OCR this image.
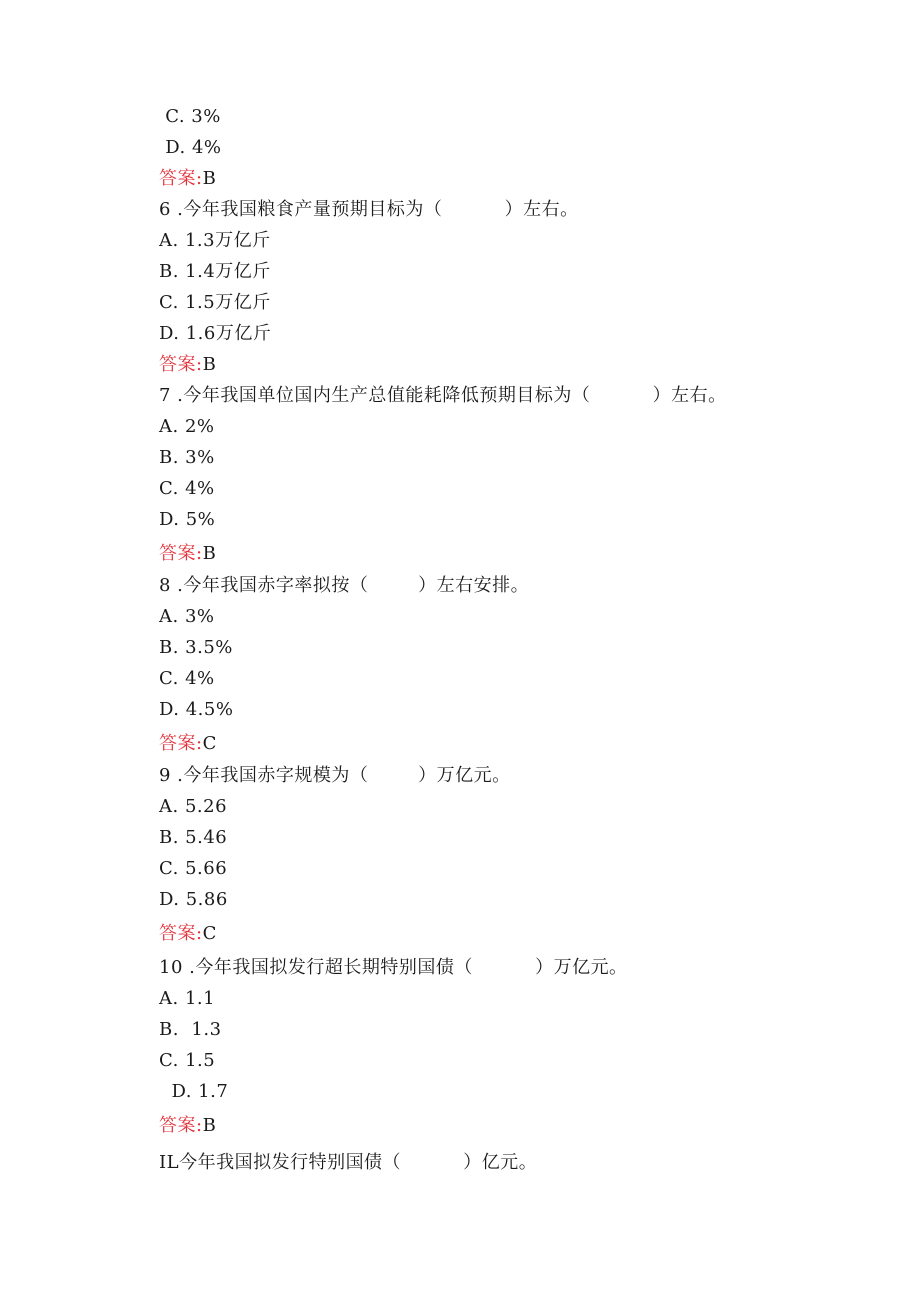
C. 3%
D. 4%
答案:B
6 .今年我国粮食产量预期目标为（          ）左右。
A. 1.3万亿斤
B. 1.4万亿斤
C. 1.5万亿斤
D. 1.6万亿斤
答案:B
7 .今年我国单位国内生产总值能耗降低预期目标为（          ）左右。
A. 2%
B. 3%
C. 4%
D. 5%
答案:B
8 .今年我国赤字率拟按（        ）左右安排。
A. 3%
B. 3.5%
C. 4%
D. 4.5%
答案:C
9 .今年我国赤字规模为（        ）万亿元。
A. 5.26
B. 5.46
C. 5.66
D. 5.86
答案:C
10 .今年我国拟发行超长期特别国债（          ）万亿元。
A. 1.1
B.  1.3
C. 1.5
D. 1.7
答案:B
IL今年我国拟发行特别国债（          ）亿元。
